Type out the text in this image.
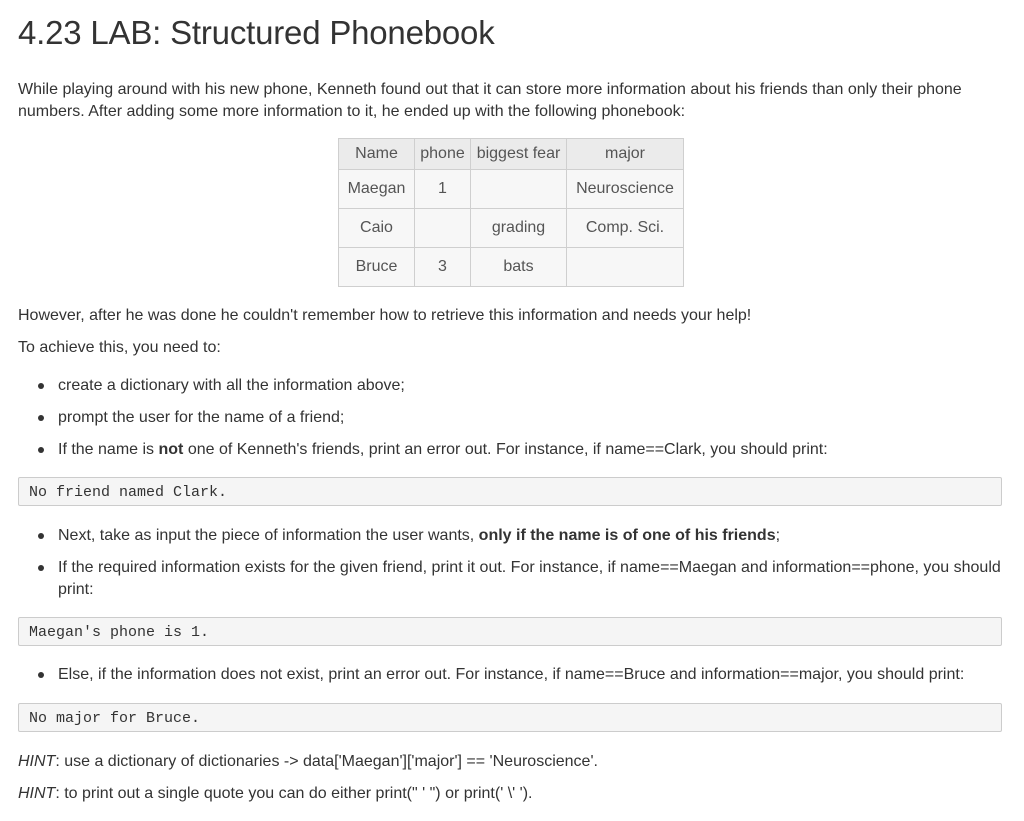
4.23 LAB: Structured Phonebook

While playing around with his new phone, Kenneth found out that it can store more information about his friends than only their phone numbers. After adding some more information to it, he ended up with the following phonebook:

Name	phone	biggest fear	major
Maegan	1		Neuroscience
Caio		grading	Comp. Sci.
Bruce	3	bats	

However, after he was done he couldn't remember how to retrieve this information and needs your help!

To achieve this, you need to:

create a dictionary with all the information above;
prompt the user for the name of a friend;
If the name is not one of Kenneth's friends, print an error out. For instance, if name==Clark, you should print:
No friend named Clark.
Next, take as input the piece of information the user wants, only if the name is of one of his friends;
If the required information exists for the given friend, print it out. For instance, if name==Maegan and information==phone, you should print:
Maegan's phone is 1.
Else, if the information does not exist, print an error out. For instance, if name==Bruce and information==major, you should print:
No major for Bruce.

HINT: use a dictionary of dictionaries -> data['Maegan']['major'] == 'Neuroscience'.

HINT: to print out a single quote you can do either print(" ' ") or print(' \' ').
